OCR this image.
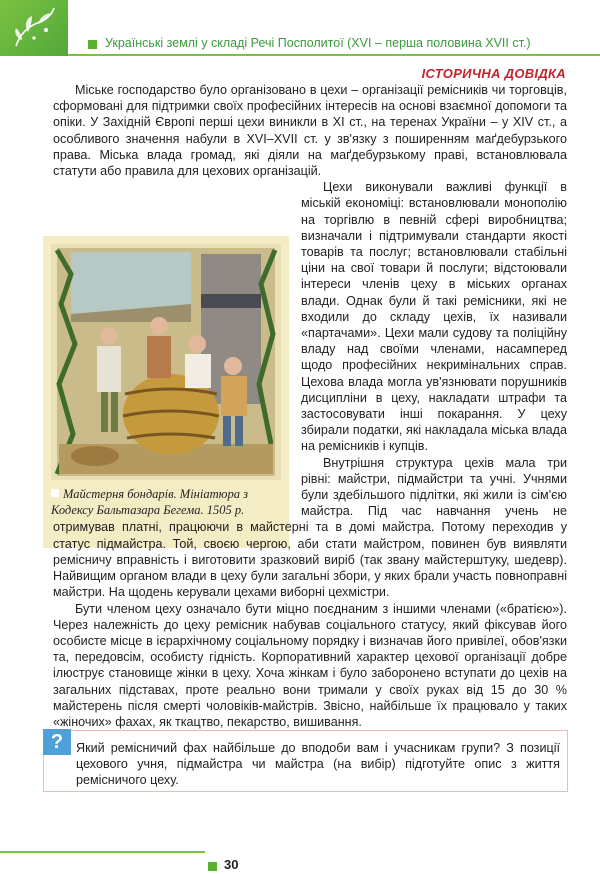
Українські землі у складі Речі Посполитої (XVI – перша половина XVII ст.)
ІСТОРИЧНА ДОВІДКА
Майстерня бондарів. Мініатюра з Кодексу Бальтазара Бегема. 1505 р.

Міське господарство було організовано в цехи – організації ремісників чи торговців, сформовані для підтримки своїх професійних інтересів на основі взаємної допомоги та опіки. У Західній Європі перші цехи виникли в XI ст., на теренах України – у XIV ст., а особливого значення набули в XVI–XVII ст. у зв'язку з поширенням маґдебурзького права. Міська влада громад, які діяли на маґдебурзькому праві, встановлювала статути або правила для цехових організацій.

Цехи виконували важливі функції в міській економіці: встановлювали монополію на торгівлю в певній сфері виробництва; визначали і підтримували стандарти якості товарів та послуг; встановлювали стабільні ціни на свої товари й послуги; відстоювали інтереси членів цеху в міських органах влади. Однак були й такі ремісники, які не входили до складу цехів, їх називали «партачами». Цехи мали судову та поліційну владу над своїми членами, насамперед щодо професійних некримінальних справ. Цехова влада могла ув'язнювати порушників дисципліни в цеху, накладати штрафи та застосовувати інші покарання. У цеху збирали податки, які накладала міська влада на ремісників і купців.

Внутрішня структура цехів мала три рівні: майстри, підмайстри та учні. Учнями були здебільшого підлітки, які жили із сім'єю майстра. Під час навчання учень не отримував платні, працюючи в майстерні та в домі майстра. Потому переходив у статус підмайстра. Той, своєю чергою, аби стати майстром, повинен був виявляти ремісничу вправність і виготовити зразковий виріб (так звану майстерштуку, шедевр). Найвищим органом влади в цеху були загальні збори, у яких брали участь повноправні майстри. На щодень керували цехами виборні цехмістри.

Бути членом цеху означало бути міцно поєднаним з іншими членами («братією»). Через належність до цеху ремісник набував соціального статусу, який фіксував його особисте місце в ієрархічному соціальному порядку і визначав його привілеї, обов'язки та, передовсім, особисту гідність. Корпоративний характер цехової організації добре ілюструє становище жінки в цеху. Хоча жінкам і було заборонено вступати до цехів на загальних підставах, проте реально вони тримали у своїх руках від 15 до 30 % майстерень після смерті чоловіків-майстрів. Звісно, найбільше їх працювало у таких «жіночих» фахах, як ткацтво, пекарство, вишивання.

?	Який ремісничий фах найбільше до вподоби вам і учасникам групи? З позиції цехового учня, підмайстра чи майстра (на вибір) підготуйте опис з життя ремісничого цеху.
30
